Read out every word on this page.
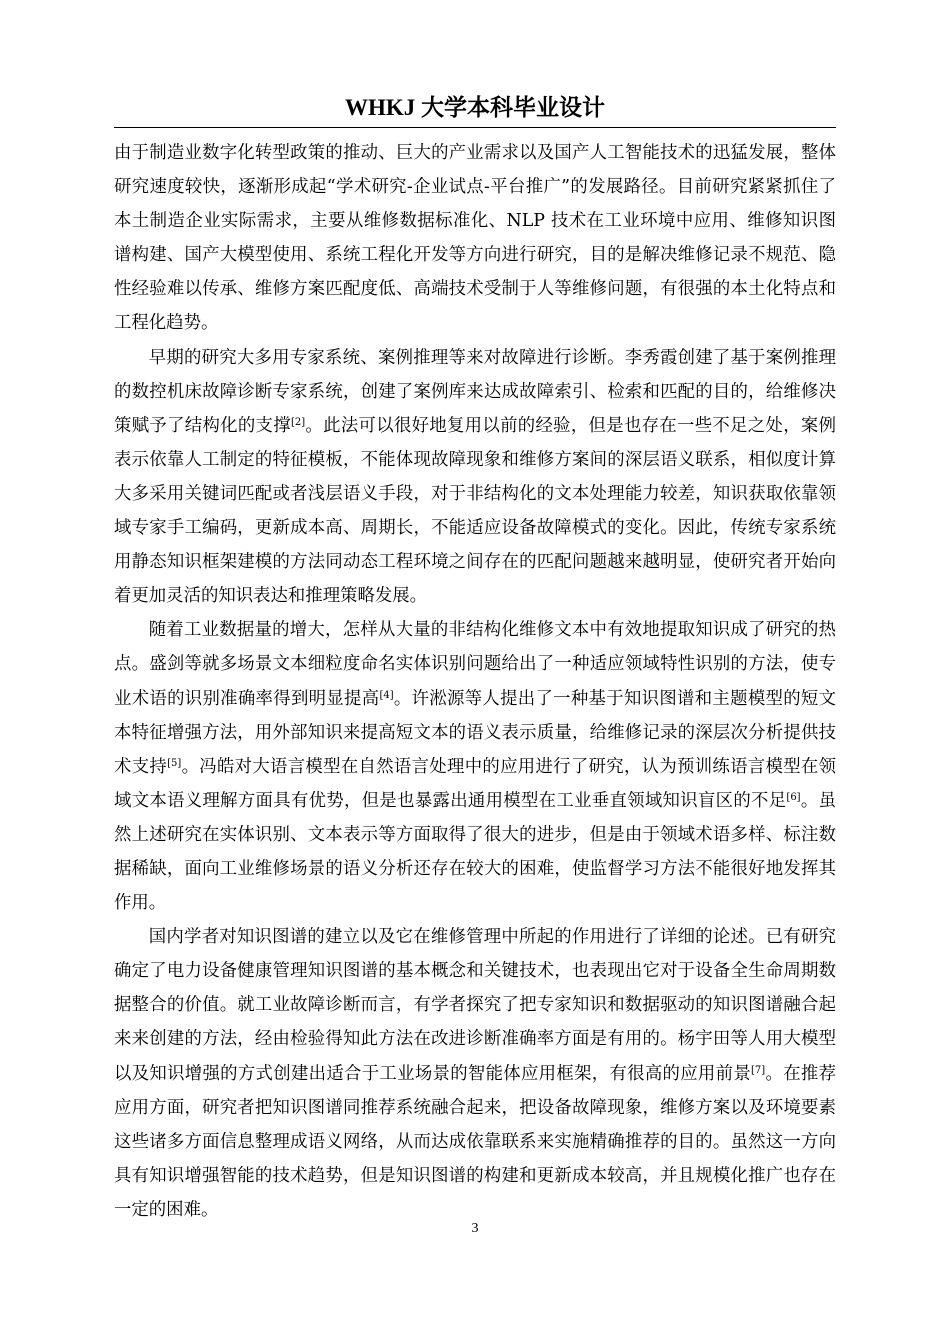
WHKJ 大学本科毕业设计

由于制造业数字化转型政策的推动、巨大的产业需求以及国产人工智能技术的迅猛发展，整体研究速度较快，逐渐形成起“学术研究-企业试点-平台推广”的发展路径。目前研究紧紧抓住了本土制造企业实际需求，主要从维修数据标准化、NLP 技术在工业环境中应用、维修知识图谱构建、国产大模型使用、系统工程化开发等方向进行研究，目的是解决维修记录不规范、隐性经验难以传承、维修方案匹配度低、高端技术受制于人等维修问题，有很强的本土化特点和工程化趋势。

早期的研究大多用专家系统、案例推理等来对故障进行诊断。李秀霞创建了基于案例推理的数控机床故障诊断专家系统，创建了案例库来达成故障索引、检索和匹配的目的，给维修决策赋予了结构化的支撑[2]。此法可以很好地复用以前的经验，但是也存在一些不足之处，案例表示依靠人工制定的特征模板，不能体现故障现象和维修方案间的深层语义联系，相似度计算大多采用关键词匹配或者浅层语义手段，对于非结构化的文本处理能力较差，知识获取依靠领域专家手工编码，更新成本高、周期长，不能适应设备故障模式的变化。因此，传统专家系统用静态知识框架建模的方法同动态工程环境之间存在的匹配问题越来越明显，使研究者开始向着更加灵活的知识表达和推理策略发展。

随着工业数据量的增大，怎样从大量的非结构化维修文本中有效地提取知识成了研究的热点。盛剑等就多场景文本细粒度命名实体识别问题给出了一种适应领域特性识别的方法，使专业术语的识别准确率得到明显提高[4]。许淞源等人提出了一种基于知识图谱和主题模型的短文本特征增强方法，用外部知识来提高短文本的语义表示质量，给维修记录的深层次分析提供技术支持[5]。冯皓对大语言模型在自然语言处理中的应用进行了研究，认为预训练语言模型在领域文本语义理解方面具有优势，但是也暴露出通用模型在工业垂直领域知识盲区的不足[6]。虽然上述研究在实体识别、文本表示等方面取得了很大的进步，但是由于领域术语多样、标注数据稀缺，面向工业维修场景的语义分析还存在较大的困难，使监督学习方法不能很好地发挥其作用。

国内学者对知识图谱的建立以及它在维修管理中所起的作用进行了详细的论述。已有研究确定了电力设备健康管理知识图谱的基本概念和关键技术，也表现出它对于设备全生命周期数据整合的价值。就工业故障诊断而言，有学者探究了把专家知识和数据驱动的知识图谱融合起来来创建的方法，经由检验得知此方法在改进诊断准确率方面是有用的。杨宇田等人用大模型以及知识增强的方式创建出适合于工业场景的智能体应用框架，有很高的应用前景[7]。在推荐应用方面，研究者把知识图谱同推荐系统融合起来，把设备故障现象，维修方案以及环境要素这些诸多方面信息整理成语义网络，从而达成依靠联系来实施精确推荐的目的。虽然这一方向具有知识增强智能的技术趋势，但是知识图谱的构建和更新成本较高，并且规模化推广也存在一定的困难。

3
